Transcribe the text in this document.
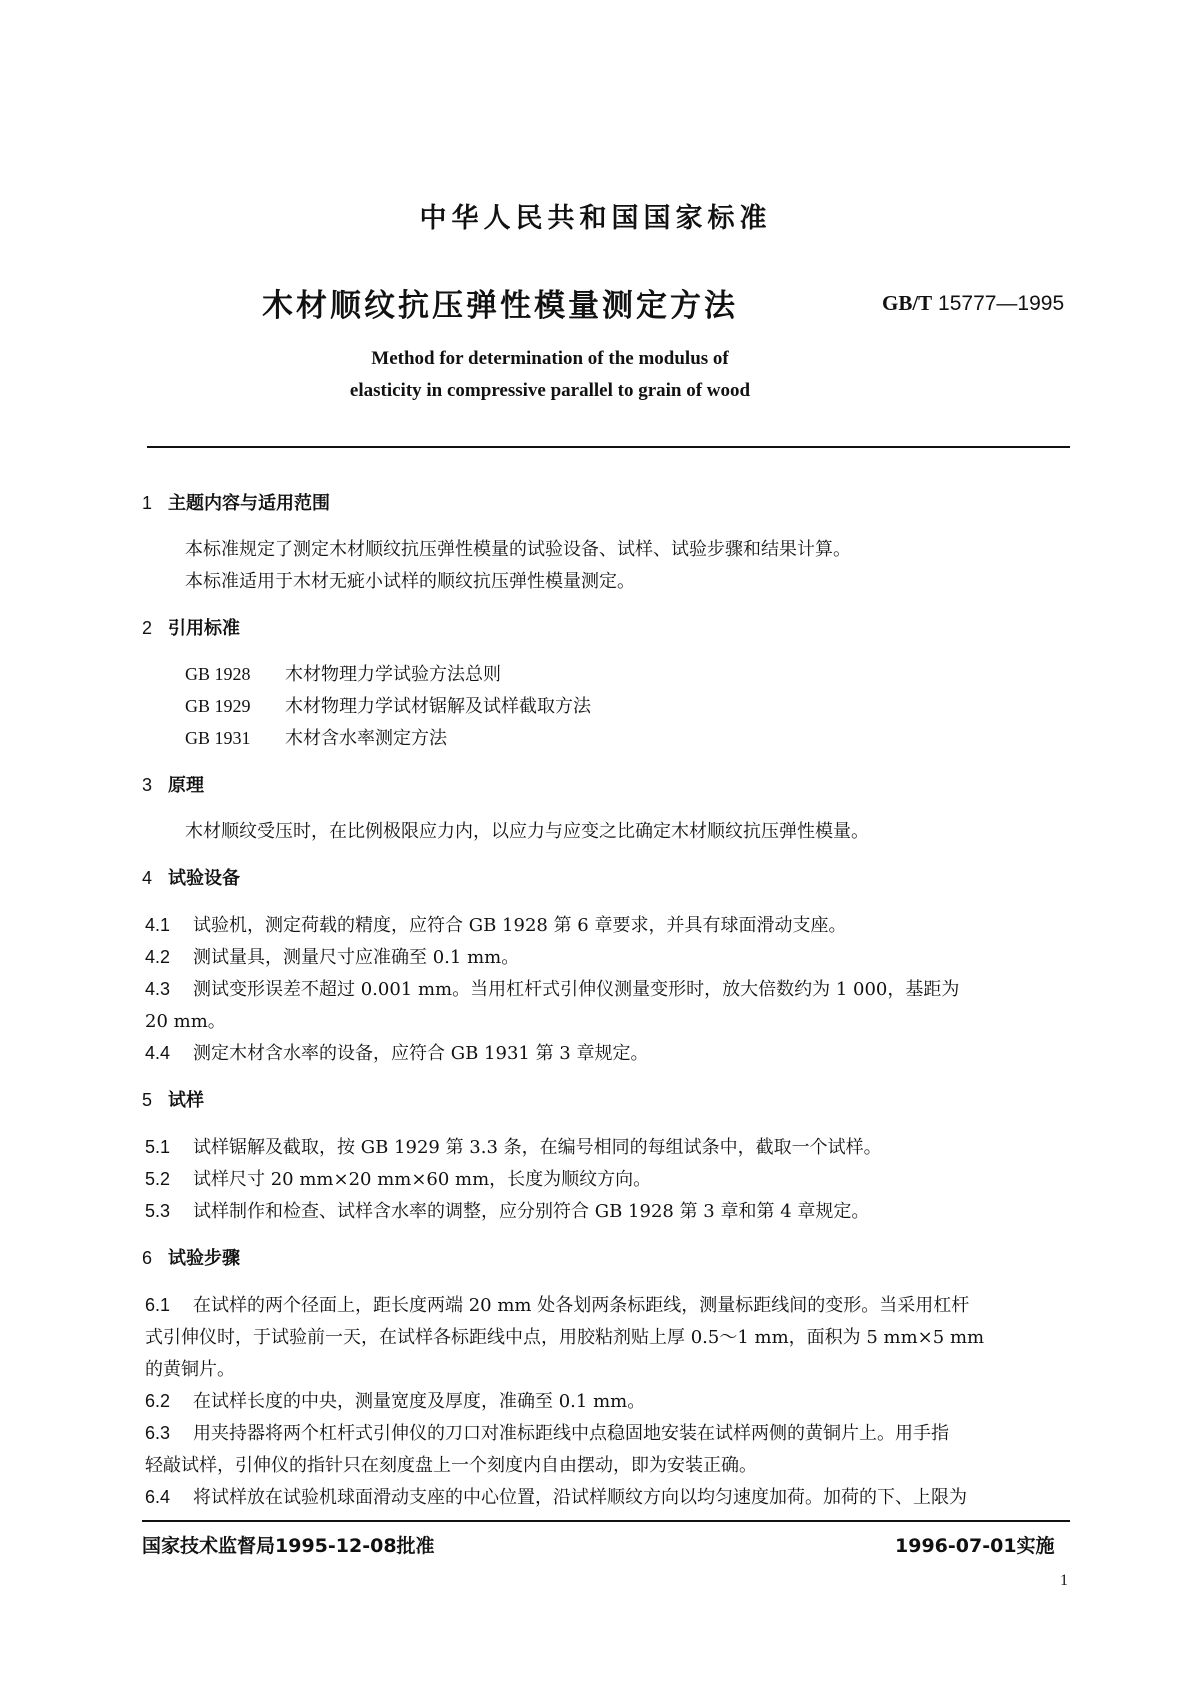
中华人民共和国国家标准
木材顺纹抗压弹性模量测定方法	GB/T 15777—1995
Method for determination of the modulus of
elasticity in compressive parallel to grain of wood
1 主题内容与适用范围
本标准规定了测定木材顺纹抗压弹性模量的试验设备、试样、试验步骤和结果计算。
本标准适用于木材无疵小试样的顺纹抗压弹性模量测定。
2 引用标准
GB 1928 木材物理力学试验方法总则
GB 1929 木材物理力学试材锯解及试样截取方法
GB 1931 木材含水率测定方法
3 原理
木材顺纹受压时，在比例极限应力内，以应力与应变之比确定木材顺纹抗压弹性模量。
4 试验设备
4.1 试验机，测定荷载的精度，应符合 GB 1928 第 6 章要求，并具有球面滑动支座。
4.2 测试量具，测量尺寸应准确至 0.1 mm。
4.3 测试变形误差不超过 0.001 mm。当用杠杆式引伸仪测量变形时，放大倍数约为 1 000，基距为
20 mm。
4.4 测定木材含水率的设备，应符合 GB 1931 第 3 章规定。
5 试样
5.1 试样锯解及截取，按 GB 1929 第 3.3 条，在编号相同的每组试条中，截取一个试样。
5.2 试样尺寸 20 mm×20 mm×60 mm，长度为顺纹方向。
5.3 试样制作和检查、试样含水率的调整，应分别符合 GB 1928 第 3 章和第 4 章规定。
6 试验步骤
6.1 在试样的两个径面上，距长度两端 20 mm 处各划两条标距线，测量标距线间的变形。当采用杠杆
式引伸仪时，于试验前一天，在试样各标距线中点，用胶粘剂贴上厚 0.5～1 mm，面积为 5 mm×5 mm
的黄铜片。
6.2 在试样长度的中央，测量宽度及厚度，准确至 0.1 mm。
6.3 用夹持器将两个杠杆式引伸仪的刀口对准标距线中点稳固地安装在试样两侧的黄铜片上。用手指
轻敲试样，引伸仪的指针只在刻度盘上一个刻度内自由摆动，即为安装正确。
6.4 将试样放在试验机球面滑动支座的中心位置，沿试样顺纹方向以均匀速度加荷。加荷的下、上限为
国家技术监督局1995-12-08批准	1996-07-01实施
1
